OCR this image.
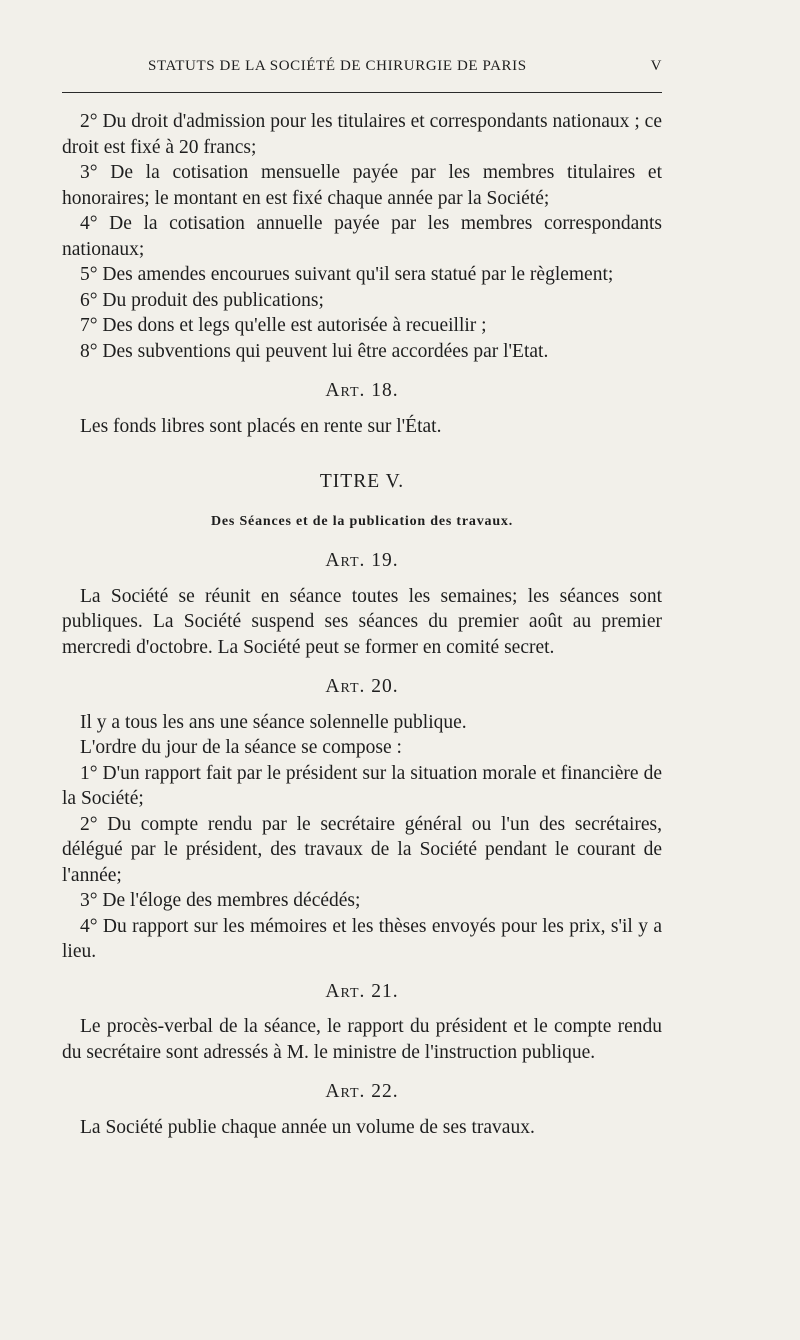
STATUTS DE LA SOCIÉTÉ DE CHIRURGIE DE PARIS	V

2° Du droit d'admission pour les titulaires et correspondants nationaux ; ce droit est fixé à 20 francs;

3° De la cotisation mensuelle payée par les membres titulaires et honoraires; le montant en est fixé chaque année par la Société;

4° De la cotisation annuelle payée par les membres correspondants nationaux;

5° Des amendes encourues suivant qu'il sera statué par le règlement;

6° Du produit des publications;

7° Des dons et legs qu'elle est autorisée à recueillir ;

8° Des subventions qui peuvent lui être accordées par l'Etat.

Art. 18.

Les fonds libres sont placés en rente sur l'État.

TITRE V.

Des Séances et de la publication des travaux.

Art. 19.

La Société se réunit en séance toutes les semaines; les séances sont publiques. La Société suspend ses séances du premier août au premier mercredi d'octobre. La Société peut se former en comité secret.

Art. 20.

Il y a tous les ans une séance solennelle publique.

L'ordre du jour de la séance se compose :

1° D'un rapport fait par le président sur la situation morale et financière de la Société;

2° Du compte rendu par le secrétaire général ou l'un des secrétaires, délégué par le président, des travaux de la Société pendant le courant de l'année;

3° De l'éloge des membres décédés;

4° Du rapport sur les mémoires et les thèses envoyés pour les prix, s'il y a lieu.

Art. 21.

Le procès-verbal de la séance, le rapport du président et le compte rendu du secrétaire sont adressés à M. le ministre de l'instruction publique.

Art. 22.

La Société publie chaque année un volume de ses travaux.
